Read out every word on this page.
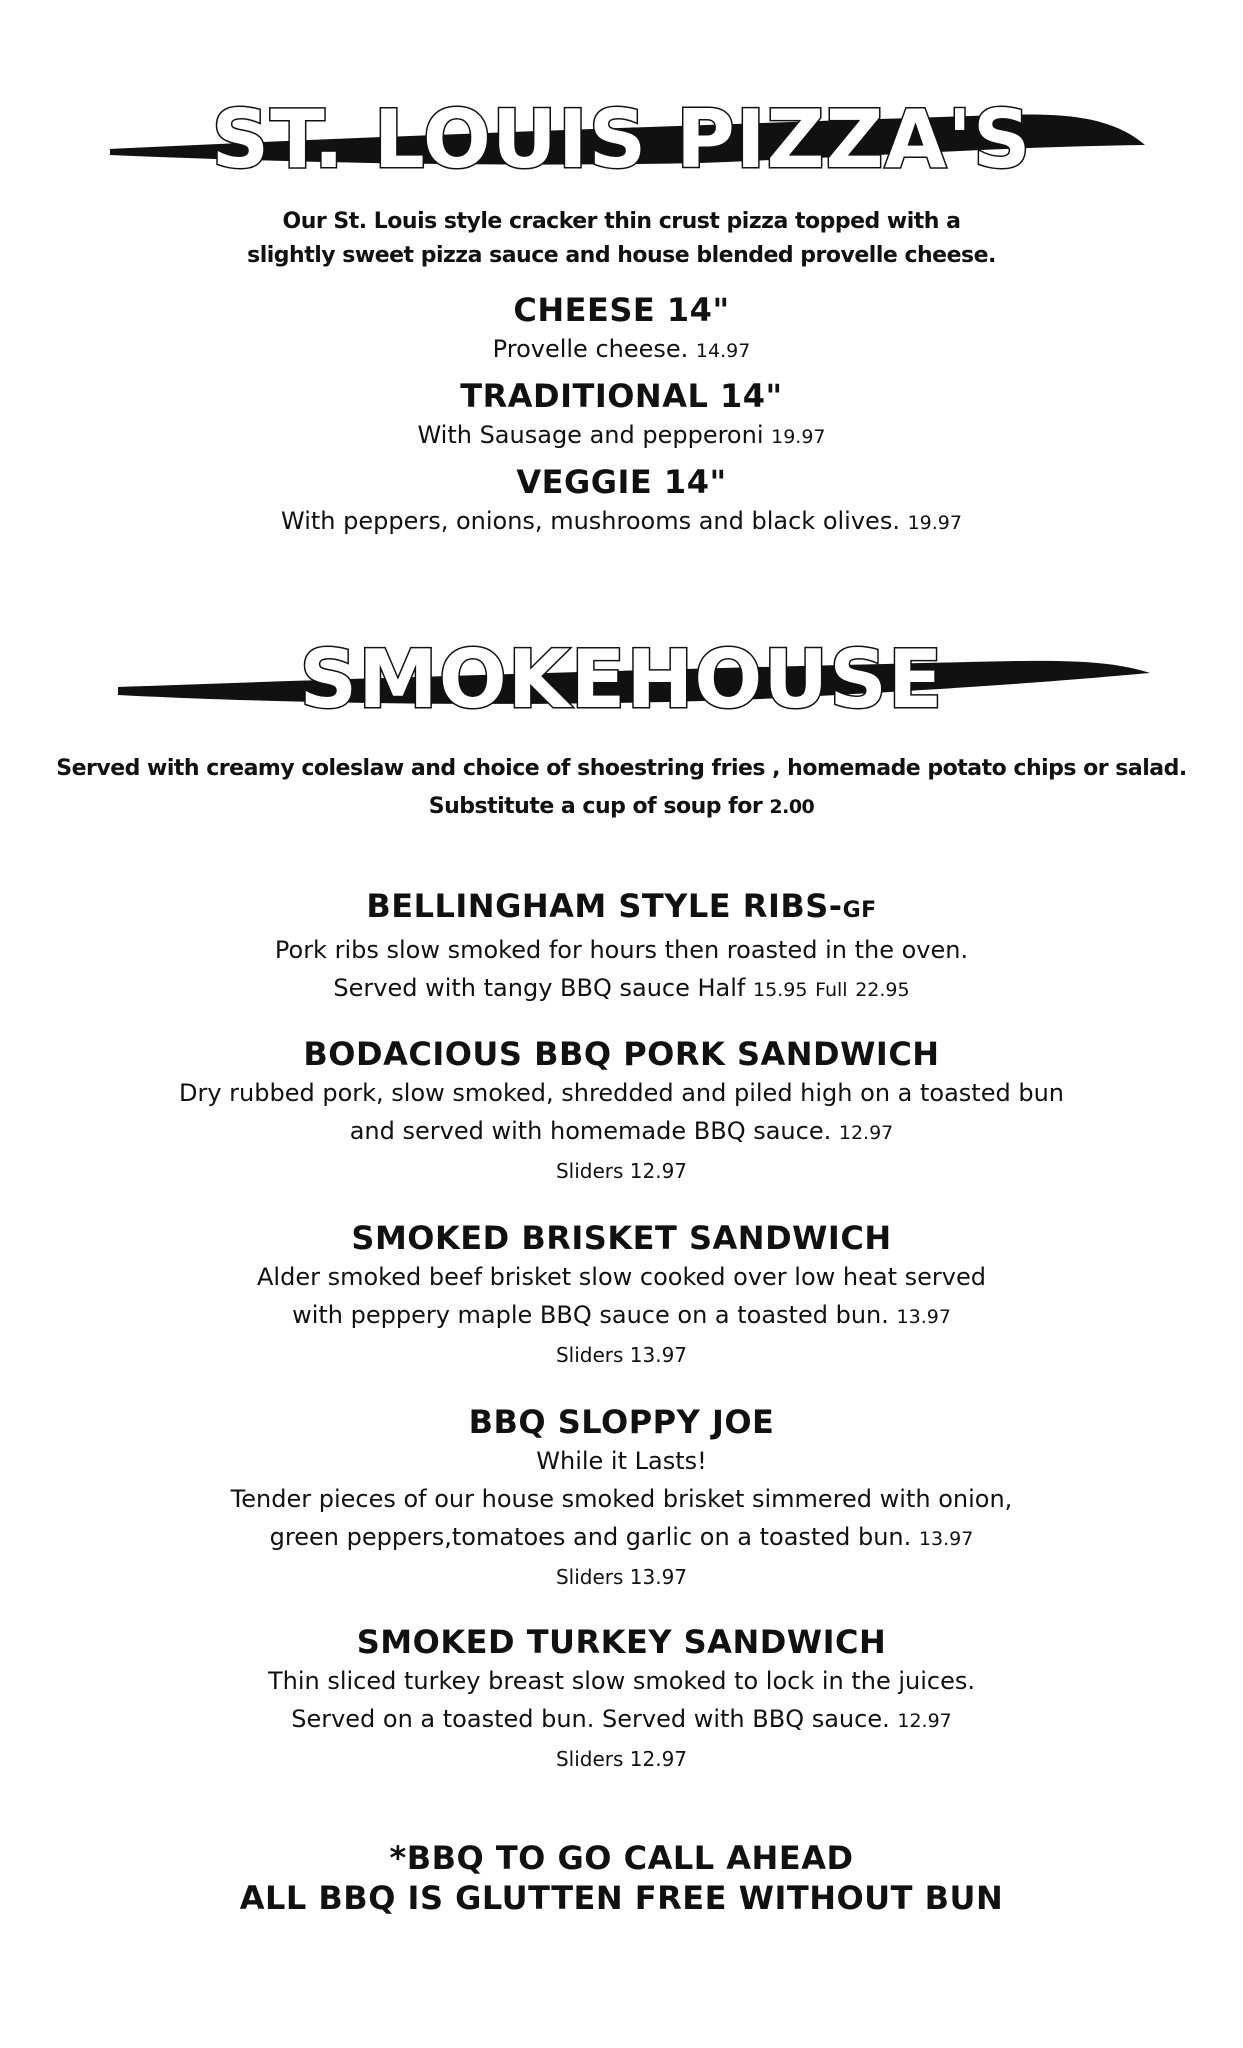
ST. LOUIS PIZZA'S
Our St. Louis style cracker thin crust pizza topped with a
slightly sweet pizza sauce and house blended provelle cheese.
CHEESE 14"
Provelle cheese. 14.97
TRADITIONAL 14"
With Sausage and pepperoni 19.97
VEGGIE 14"
With peppers, onions, mushrooms and black olives. 19.97
SMOKEHOUSE
Served with creamy coleslaw and choice of shoestring fries , homemade potato chips or salad.
Substitute a cup of soup for 2.00
BELLINGHAM STYLE RIBS-GF
Pork ribs slow smoked for hours then roasted in the oven.
Served with tangy BBQ sauce Half 15.95 Full 22.95
BODACIOUS BBQ PORK SANDWICH
Dry rubbed pork, slow smoked, shredded and piled high on a toasted bun
and served with homemade BBQ sauce. 12.97
Sliders 12.97
SMOKED BRISKET SANDWICH
Alder smoked beef brisket slow cooked over low heat served
with peppery maple BBQ sauce on a toasted bun. 13.97
Sliders 13.97
BBQ SLOPPY JOE
While it Lasts!
Tender pieces of our house smoked brisket simmered with onion,
green peppers,tomatoes and garlic on a toasted bun. 13.97
Sliders 13.97
SMOKED TURKEY SANDWICH
Thin sliced turkey breast slow smoked to lock in the juices.
Served on a toasted bun. Served with BBQ sauce. 12.97
Sliders 12.97
*BBQ TO GO CALL AHEAD
ALL BBQ IS GLUTTEN FREE WITHOUT BUN
